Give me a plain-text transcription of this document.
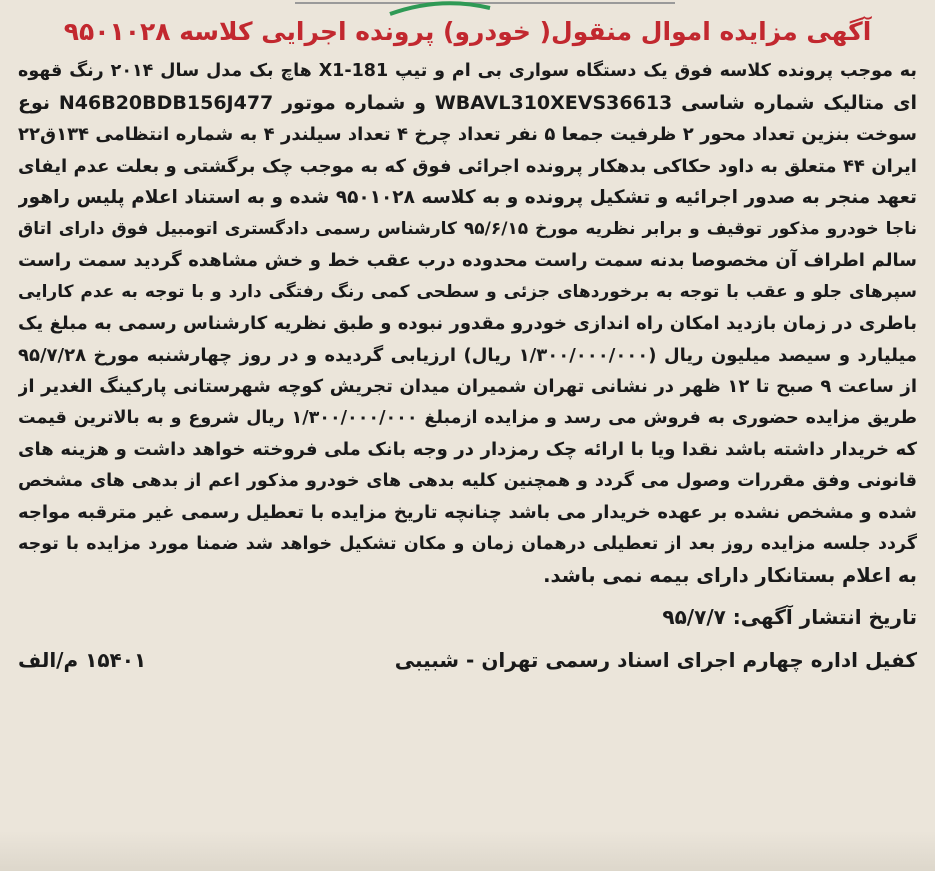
آگهی مزایده اموال منقول( خودرو) پرونده اجرایی کلاسه ۹۵۰۱۰۲۸
به موجب پرونده کلاسه فوق یک دستگاه سواری بی ام و تیپ X1-181 هاچ بک مدل سال ۲۰۱۴ رنگ قهوه
ای متالیک شماره شاسی WBAVL310XEVS36613 و شماره موتور N46B20BDB156J477 نوع
سوخت بنزین تعداد محور ۲ ظرفیت جمعا ۵ نفر تعداد چرخ ۴ تعداد سیلندر ۴ به شماره انتظامی ۱۳۴ق۲۲
ایران ۴۴ متعلق به داود حکاکی بدهکار پرونده اجرائی فوق که به موجب چک برگشتی و بعلت عدم ایفای
تعهد منجر به صدور اجرائیه و تشکیل پرونده و به کلاسه ۹۵۰۱۰۲۸ شده و به استناد اعلام پلیس راهور
ناجا خودرو مذکور توقیف و برابر نظریه مورخ ۹۵/۶/۱۵ کارشناس رسمی دادگستری اتومبیل فوق دارای اتاق
سالم اطراف آن مخصوصا بدنه سمت راست محدوده درب عقب خط و خش مشاهده گردید سمت راست
سپرهای جلو و عقب با توجه به برخوردهای جزئی و سطحی کمی رنگ رفتگی دارد و با توجه به عدم کارایی
باطری در زمان بازدید امکان راه اندازی خودرو مقدور نبوده و طبق نظریه کارشناس رسمی به مبلغ یک
میلیارد و سیصد میلیون ریال (۱/۳۰۰/۰۰۰/۰۰۰ ریال) ارزیابی گردیده و در روز چهارشنبه مورخ ۹۵/۷/۲۸
از ساعت ۹ صبح تا ۱۲ ظهر در نشانی تهران شمیران میدان تجریش کوچه شهرستانی پارکینگ الغدیر از
طریق مزایده حضوری به فروش می رسد و مزایده ازمبلغ ۱/۳۰۰/۰۰۰/۰۰۰ ریال شروع و به بالاترین قیمت
که خریدار داشته باشد نقدا ویا با ارائه چک رمزدار در وجه بانک ملی فروخته خواهد داشت و هزینه های
قانونی وفق مقررات وصول می گردد و همچنین کلیه بدهی های خودرو مذکور اعم از بدهی های مشخص
شده و مشخص نشده بر عهده خریدار می باشد چنانچه تاریخ مزایده با تعطیل رسمی غیر مترقبه مواجه
گردد جلسه مزایده روز بعد از تعطیلی درهمان زمان و مکان تشکیل خواهد شد ضمنا مورد مزایده با توجه
به اعلام بستانکار دارای بیمه نمی باشد.
تاریخ انتشار آگهی: ۹۵/۷/۷
کفیل اداره چهارم اجرای اسناد رسمی تهران - شبیبی
۱۵۴۰۱ م/الف
